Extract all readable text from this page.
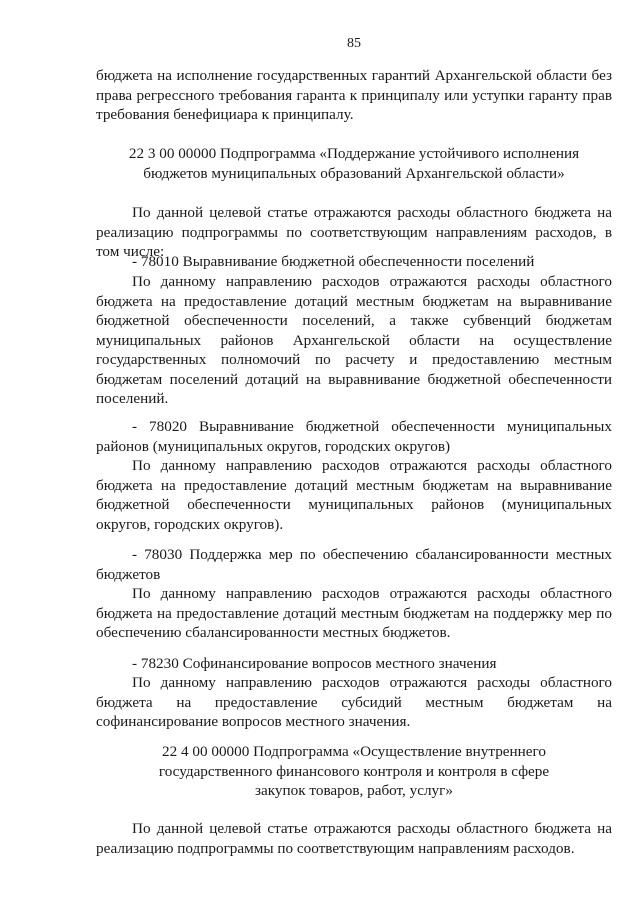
85

бюджета на исполнение государственных гарантий Архангельской области без права регрессного требования гаранта к принципалу или уступки гаранту прав требования бенефициара к принципалу.

22 3 00 00000 Подпрограмма «Поддержание устойчивого исполнения бюджетов муниципальных образований Архангельской области»

По данной целевой статье отражаются расходы областного бюджета на реализацию подпрограммы по соответствующим направлениям расходов, в том числе:

- 78010 Выравнивание бюджетной обеспеченности поселений

По данному направлению расходов отражаются расходы областного бюджета на предоставление дотаций местным бюджетам на выравнивание бюджетной обеспеченности поселений, а также субвенций бюджетам муниципальных районов Архангельской области на осуществление государственных полномочий по расчету и предоставлению местным бюджетам поселений дотаций на выравнивание бюджетной обеспеченности поселений.

- 78020 Выравнивание бюджетной обеспеченности муниципальных районов (муниципальных округов, городских округов)

По данному направлению расходов отражаются расходы областного бюджета на предоставление дотаций местным бюджетам на выравнивание бюджетной обеспеченности муниципальных районов (муниципальных округов, городских округов).

- 78030 Поддержка мер по обеспечению сбалансированности местных бюджетов

По данному направлению расходов отражаются расходы областного бюджета на предоставление дотаций местным бюджетам на поддержку мер по обеспечению сбалансированности местных бюджетов.

- 78230 Софинансирование вопросов местного значения

По данному направлению расходов отражаются расходы областного бюджета на предоставление субсидий местным бюджетам на софинансирование вопросов местного значения.

22 4 00 00000 Подпрограмма «Осуществление внутреннего государственного финансового контроля и контроля в сфере закупок товаров, работ, услуг»

По данной целевой статье отражаются расходы областного бюджета на реализацию подпрограммы по соответствующим направлениям расходов.
